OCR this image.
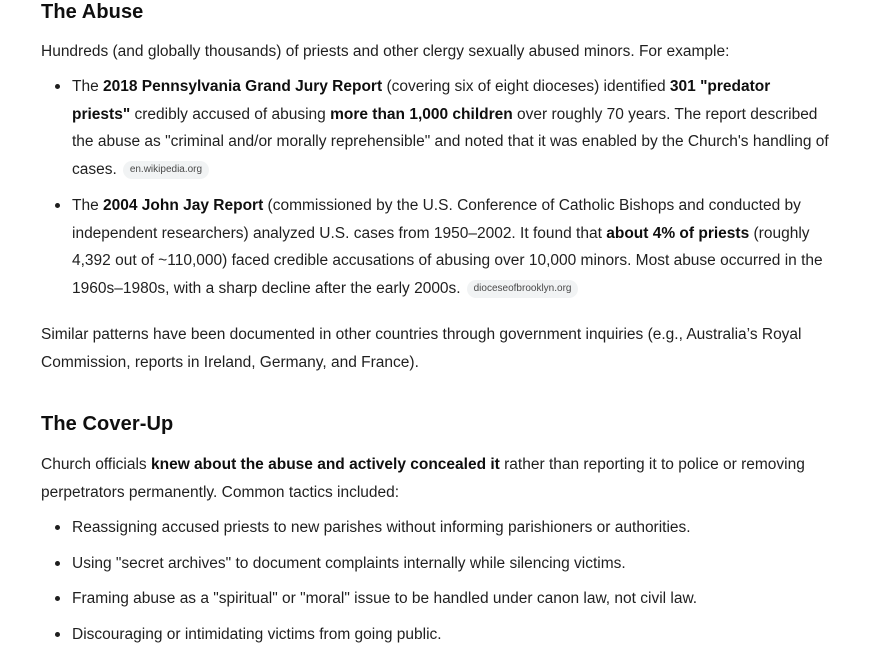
The Abuse

Hundreds (and globally thousands) of priests and other clergy sexually abused minors. For example:

The 2018 Pennsylvania Grand Jury Report (covering six of eight dioceses) identified 301 "predator priests" credibly accused of abusing more than 1,000 children over roughly 70 years. The report described the abuse as "criminal and/or morally reprehensible" and noted that it was enabled by the Church's handling of cases. en.wikipedia.org
The 2004 John Jay Report (commissioned by the U.S. Conference of Catholic Bishops and conducted by independent researchers) analyzed U.S. cases from 1950–2002. It found that about 4% of priests (roughly 4,392 out of ~110,000) faced credible accusations of abusing over 10,000 minors. Most abuse occurred in the 1960s–1980s, with a sharp decline after the early 2000s. dioceseofbrooklyn.org

Similar patterns have been documented in other countries through government inquiries (e.g., Australia’s Royal Commission, reports in Ireland, Germany, and France).

The Cover-Up

Church officials knew about the abuse and actively concealed it rather than reporting it to police or removing perpetrators permanently. Common tactics included:

Reassigning accused priests to new parishes without informing parishioners or authorities.
Using "secret archives" to document complaints internally while silencing victims.
Framing abuse as a "spiritual" or "moral" issue to be handled under canon law, not civil law.
Discouraging or intimidating victims from going public.
